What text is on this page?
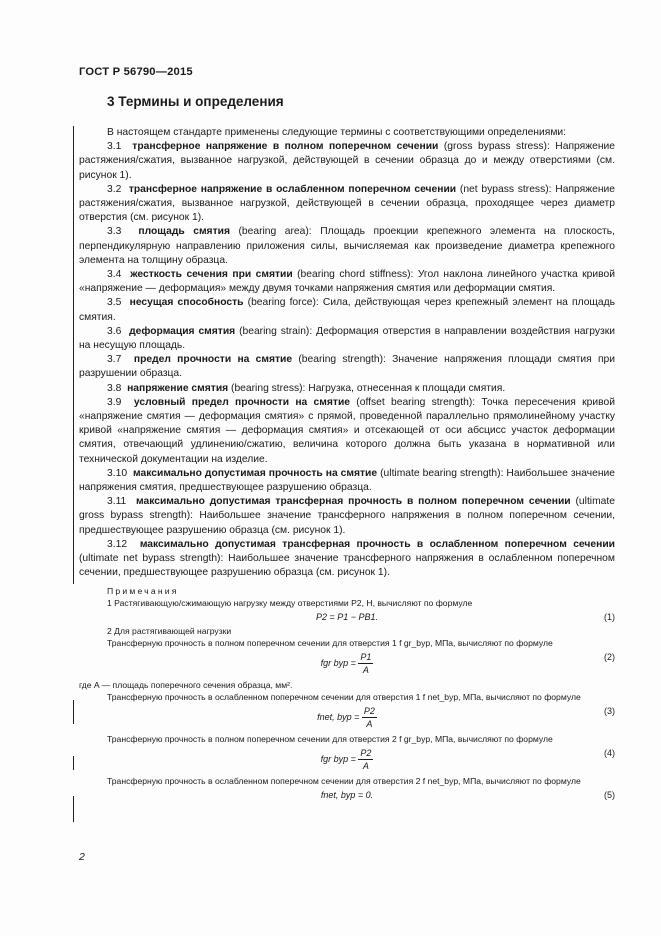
ГОСТ Р 56790—2015
3 Термины и определения

В настоящем стандарте применены следующие термины с соответствующими определениями:

3.1 трансферное напряжение в полном поперечном сечении (gross bypass stress): Напряжение растяжения/сжатия, вызванное нагрузкой, действующей в сечении образца до и между отверстиями (см. рисунок 1).

3.2 трансферное напряжение в ослабленном поперечном сечении (net bypass stress): Напряжение растяжения/сжатия, вызванное нагрузкой, действующей в сечении образца, проходящее через диаметр отверстия (см. рисунок 1).

3.3 площадь смятия (bearing area): Площадь проекции крепежного элемента на плоскость, перпендикулярную направлению приложения силы, вычисляемая как произведение диаметра крепежного элемента на толщину образца.

3.4 жесткость сечения при смятии (bearing chord stiffness): Угол наклона линейного участка кривой «напряжение — деформация» между двумя точками напряжения смятия или деформации смятия.

3.5 несущая способность (bearing force): Сила, действующая через крепежный элемент на площадь смятия.

3.6 деформация смятия (bearing strain): Деформация отверстия в направлении воздействия нагрузки на несущую площадь.

3.7 предел прочности на смятие (bearing strength): Значение напряжения площади смятия при разрушении образца.

3.8 напряжение смятия (bearing stress): Нагрузка, отнесенная к площади смятия.

3.9 условный предел прочности на смятие (offset bearing strength): Точка пересечения кривой «напряжение смятия — деформация смятия» с прямой, проведенной параллельно прямолинейному участку кривой «напряжение смятия — деформация смятия» и отсекающей от оси абсцисс участок деформации смятия, отвечающий удлинению/сжатию, величина которого должна быть указана в нормативной или технической документации на изделие.

3.10 максимально допустимая прочность на смятие (ultimate bearing strength): Наибольшее значение напряжения смятия, предшествующее разрушению образца.

3.11 максимально допустимая трансферная прочность в полном поперечном сечении (ultimate gross bypass strength): Наибольшее значение трансферного напряжения в полном поперечном сечении, предшествующее разрушению образца (см. рисунок 1).

3.12 максимально допустимая трансферная прочность в ослабленном поперечном сечении (ultimate net bypass strength): Наибольшее значение трансферного напряжения в ослабленном поперечном сечении, предшествующее разрушению образца (см. рисунок 1).

Примечания
1 Растягивающую/сжимающую нагрузку между отверстиями P2, Н, вычисляют по формуле
P2 = P1 − PB1.	(1)
2 Для растягивающей нагрузки
Трансферную прочность в полном поперечном сечении для отверстия 1 f gr_byp, МПа, вычисляют по формуле
fgr byp = $\frac{P1}{A}$	(2)
где A — площадь поперечного сечения образца, мм².
Трансферную прочность в ослабленном поперечном сечении для отверстия 1 f net_byp, МПа, вычисляют по формуле
fnet, byp = $\frac{P2}{A}$	(3)
Трансферную прочность в полном поперечном сечении для отверстия 2 f gr_byp, МПа, вычисляют по формуле
fgr byp = $\frac{P2}{A}$	(4)
Трансферную прочность в ослабленном поперечном сечении для отверстия 2 f net_byp, МПа, вычисляют по формуле
fnet, byp = 0.	(5)
2
